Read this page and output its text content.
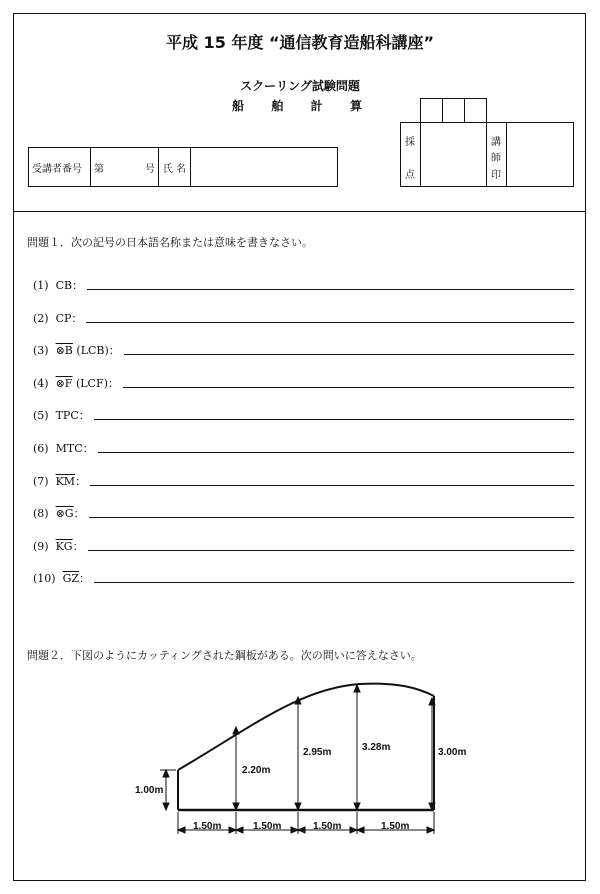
平成 15 年度 “通信教育造船科講座”
スクーリング試験問題
船 舶 計 算
受講者番号	第	号 氏 名
採
点
講
師
印
問題１．次の記号の日本語名称または意味を書きなさい。
(1) CB：
(2) CP：
(3) ⊗B (LCB)：
(4) ⊗F (LCF)：
(5) TPC：
(6) MTC：
(7) $\overline{KM}$：
(8) ⊗G：
(9) $\overline{KG}$：
(10) $\overline{GZ}$：
問題２．下図のようにカッティングされた鋼板がある。次の問いに答えなさい。
1.00m
2.20m
2.95m	3.28m	3.00m
1.50m	1.50m	1.50m	1.50m
